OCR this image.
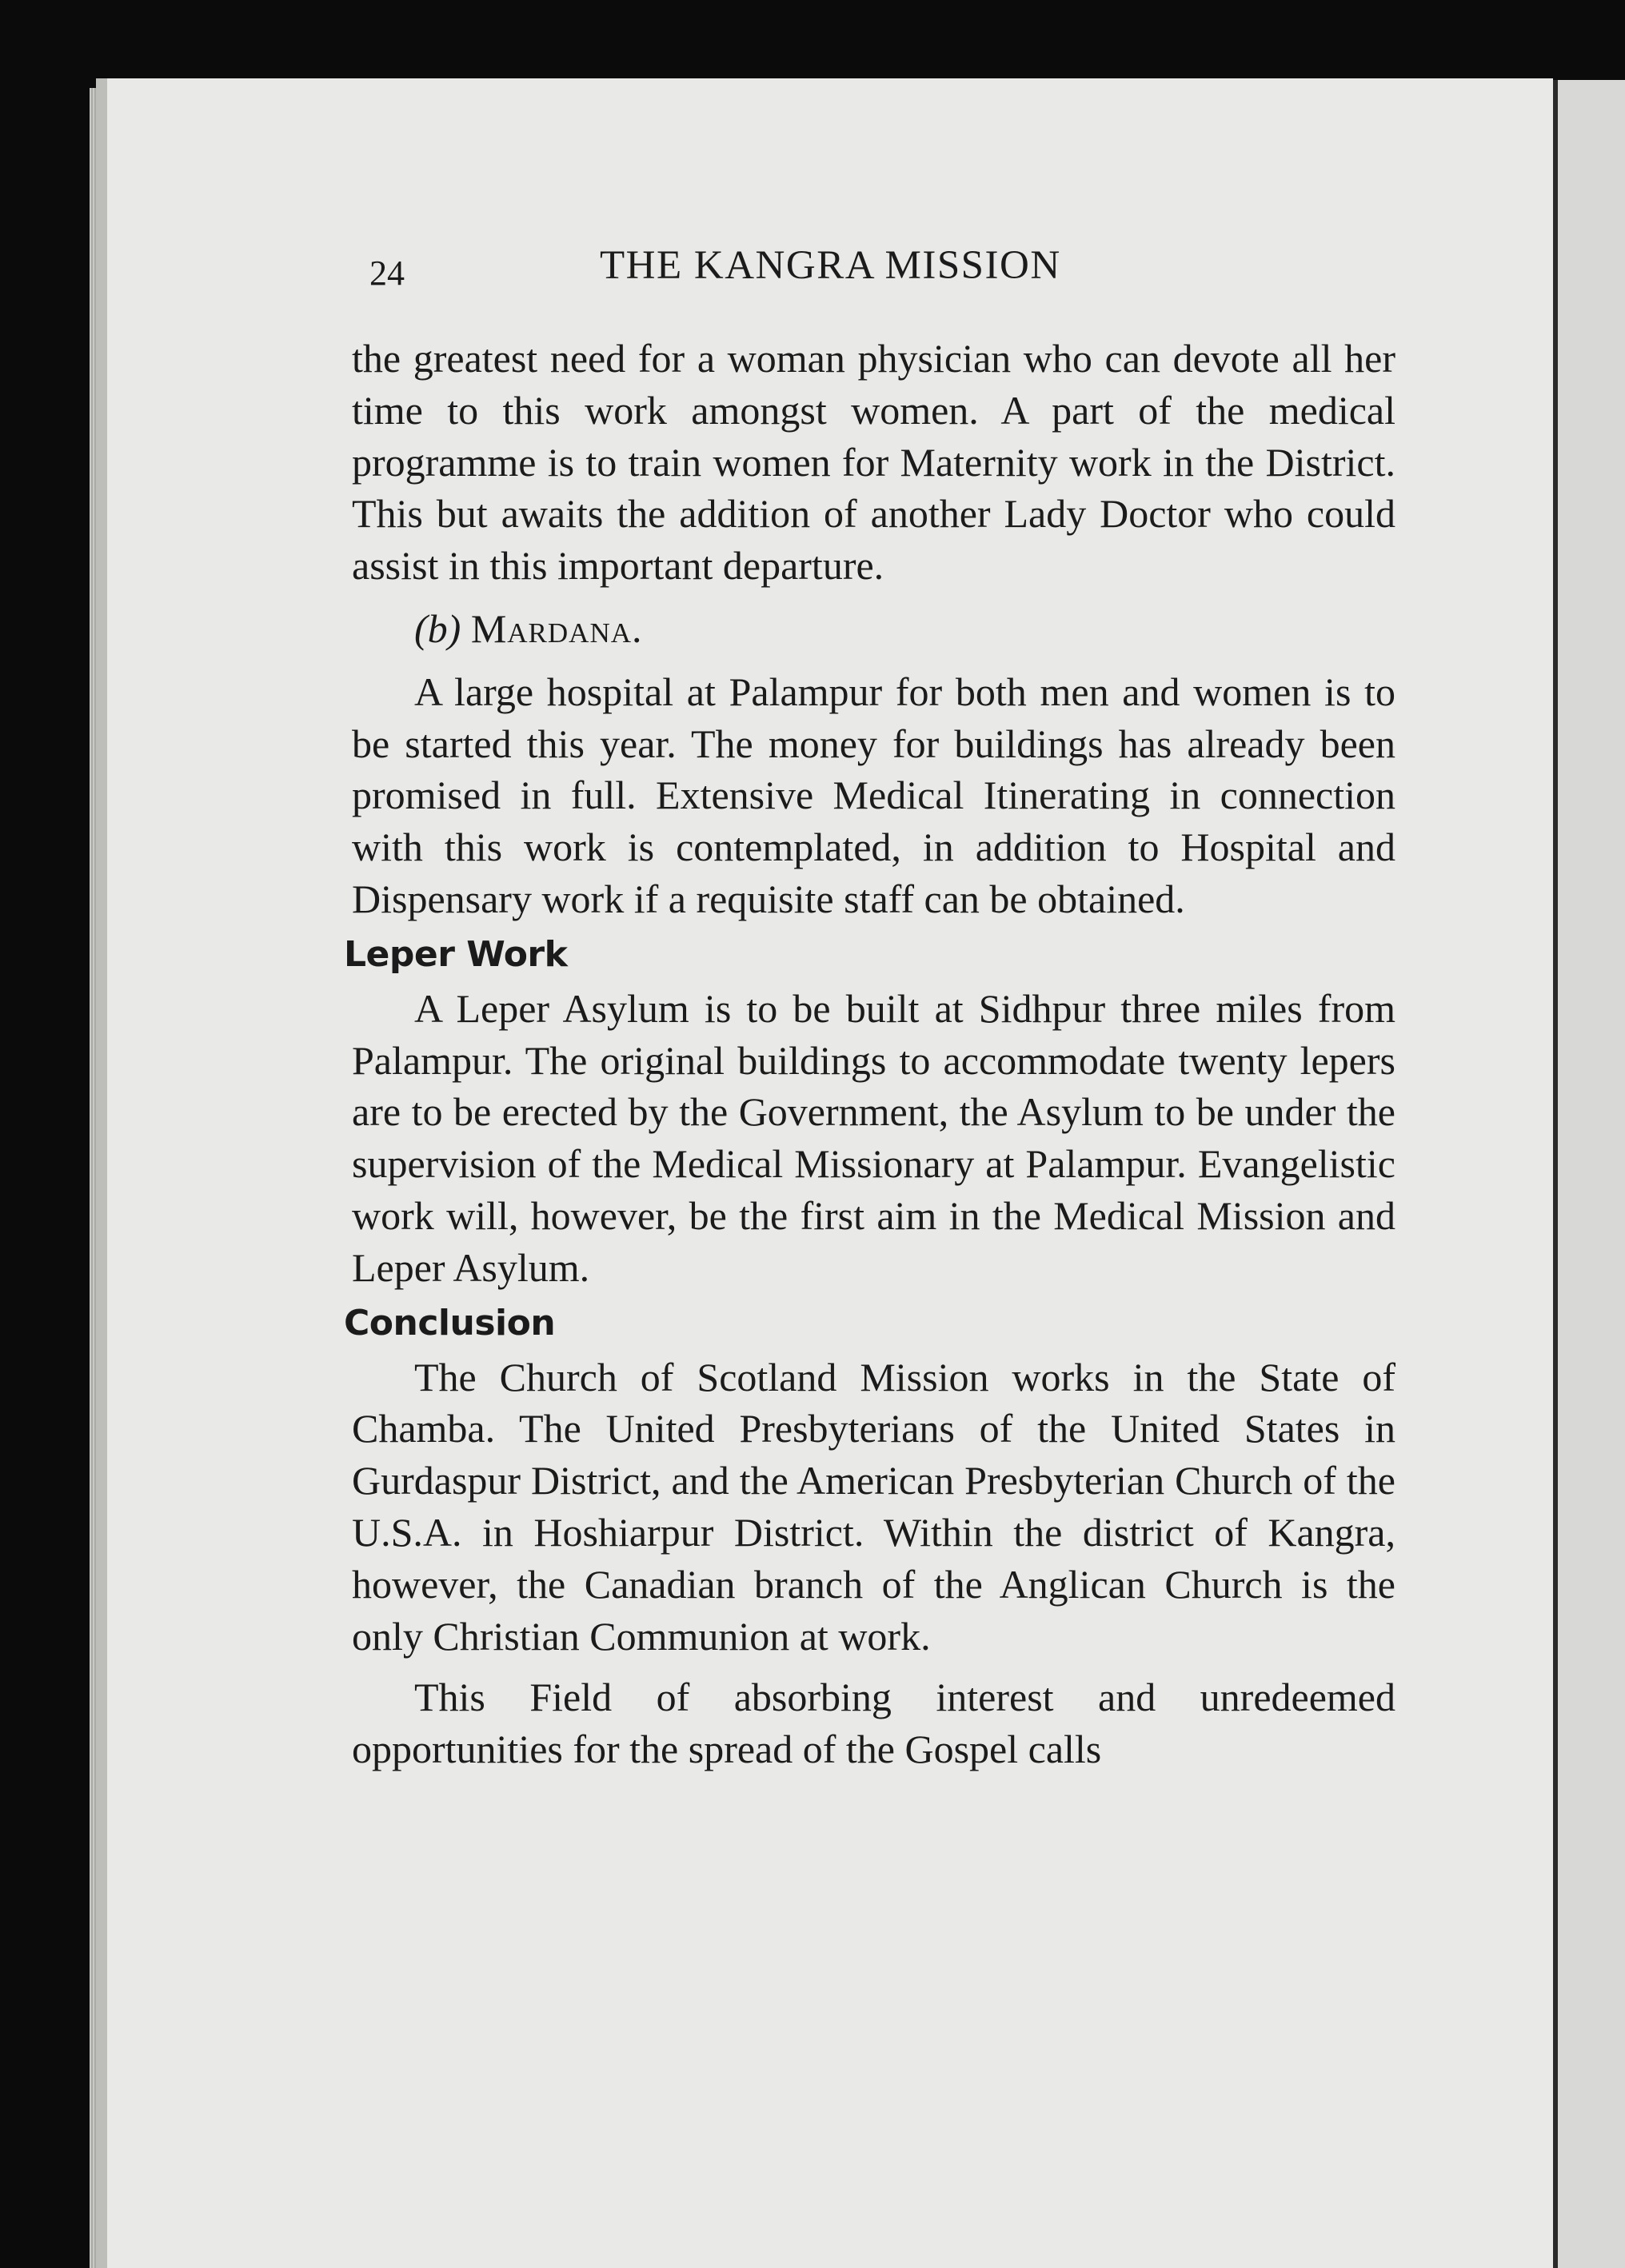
24	THE KANGRA MISSION

the greatest need for a woman physician who can devote all her time to this work amongst women. A part of the medical programme is to train women for Maternity work in the District. This but awaits the addition of another Lady Doctor who could assist in this important departure.

(b) Mardana.

A large hospital at Palampur for both men and women is to be started this year. The money for buildings has already been promised in full. Extensive Medical Itinerating in connection with this work is contemplated, in addition to Hospital and Dispensary work if a requisite staff can be obtained.

Leper Work

A Leper Asylum is to be built at Sidhpur three miles from Palampur. The original buildings to accommodate twenty lepers are to be erected by the Government, the Asylum to be under the supervision of the Medical Missionary at Palampur. Evangelistic work will, however, be the first aim in the Medical Mission and Leper Asylum.

Conclusion

The Church of Scotland Mission works in the State of Chamba. The United Presbyterians of the United States in Gurdaspur District, and the American Presbyterian Church of the U.S.A. in Hoshiarpur District. Within the district of Kangra, however, the Canadian branch of the Anglican Church is the only Christian Communion at work.

This Field of absorbing interest and unredeemed opportunities for the spread of the Gospel calls
